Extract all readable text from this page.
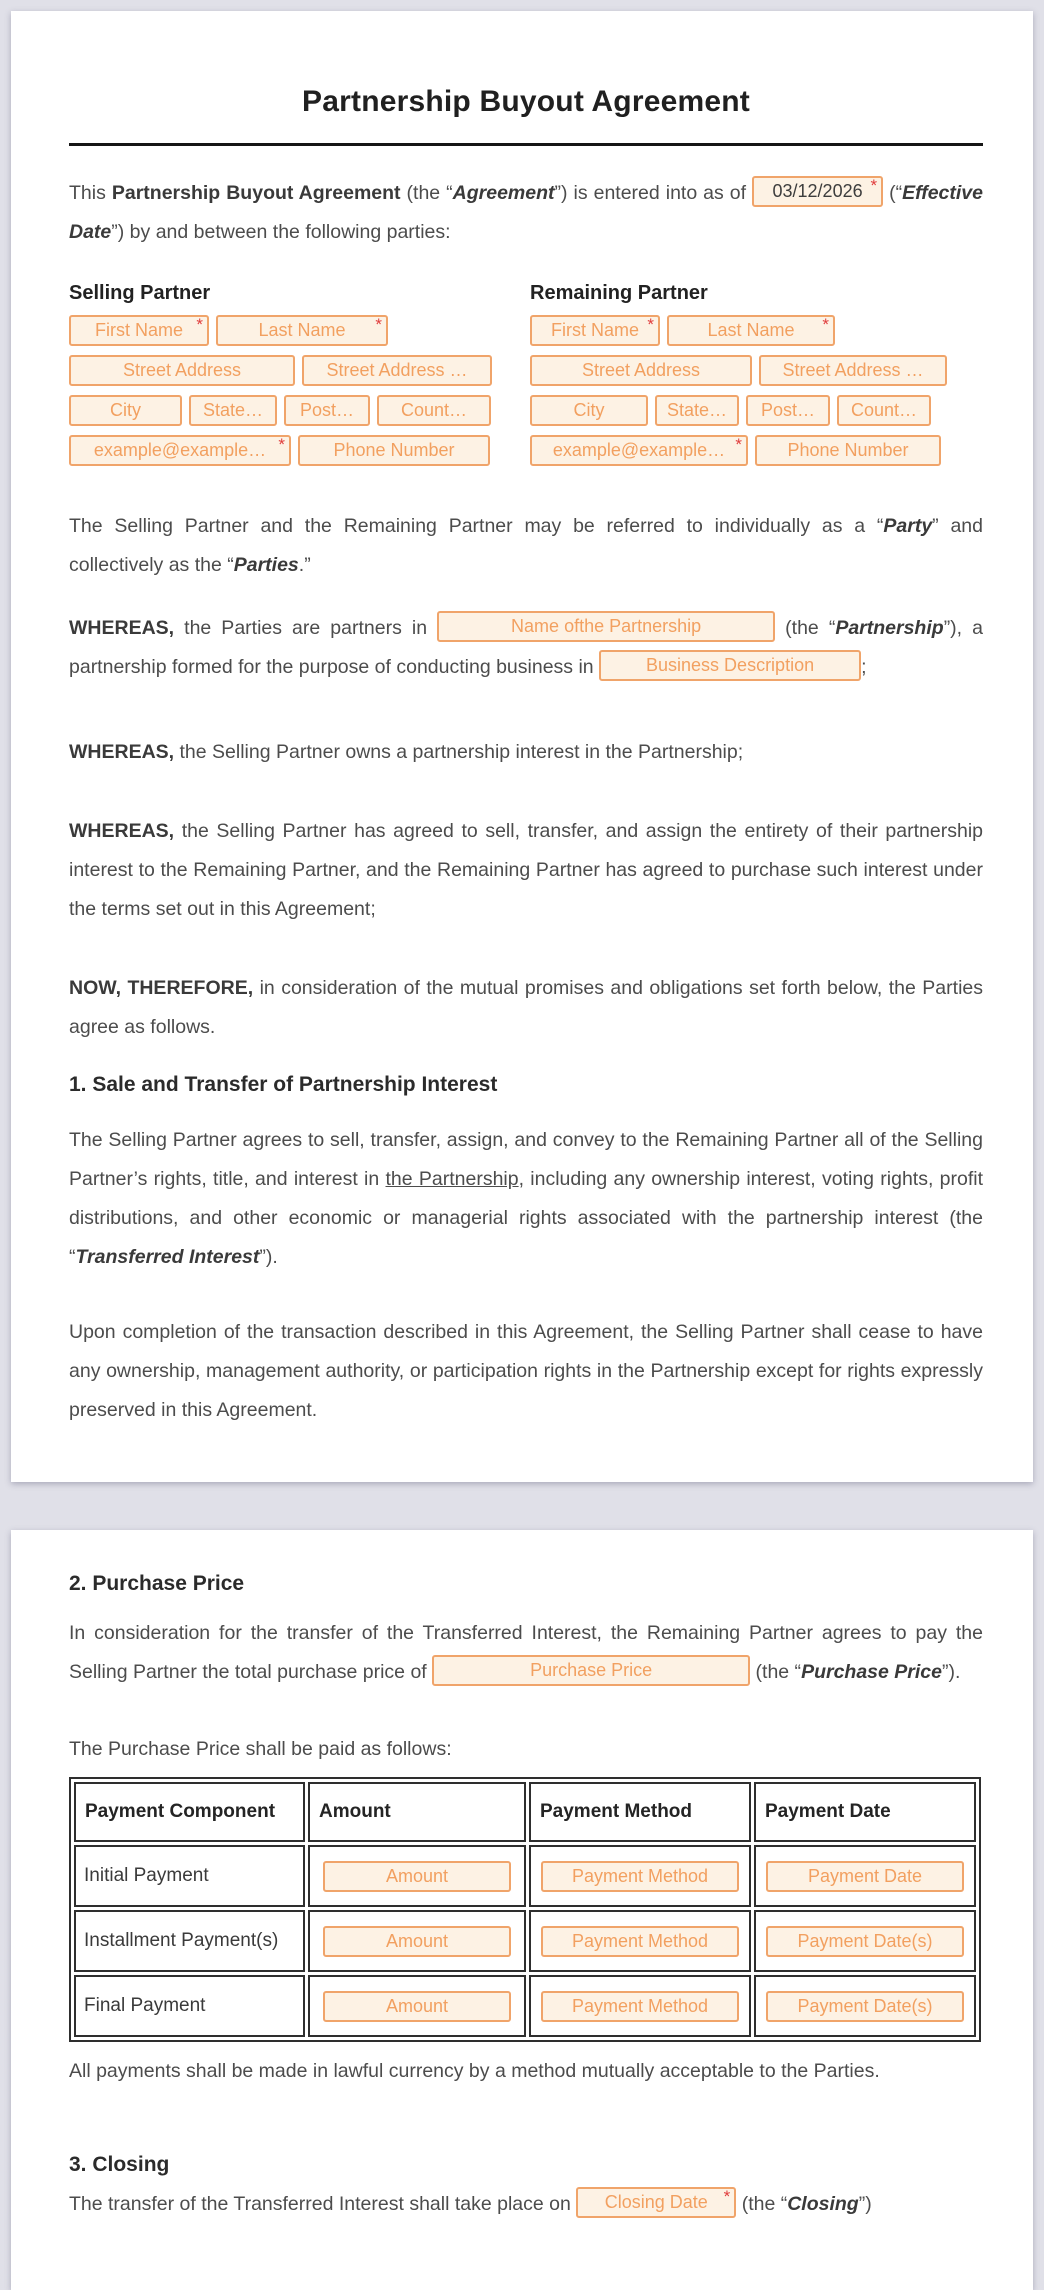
Partnership Buyout Agreement

This Partnership Buyout Agreement (the “Agreement”) is entered into as of	03/12/2026 * (“Effective Date”) by and between the following parties:

Selling Partner
First Name *	Last Name	*
Street Address	Street Address …
City	State…	Post…	Count…
example@example… *	Phone Number
Remaining Partner
First Name *	Last Name	*
Street Address	Street Address …
City	State…	Post…	Count…
example@example… *	Phone Number

The Selling Partner and the Remaining Partner may be referred to individually as a “Party” and collectively as the “Parties.”

WHEREAS, the Parties are partners in	Name ofthe Partnership	(the “Partnership”), a partnership formed for the purpose of conducting business in	Business Description	;

WHEREAS, the Selling Partner owns a partnership interest in the Partnership;

WHEREAS, the Selling Partner has agreed to sell, transfer, and assign the entirety of their partnership interest to the Remaining Partner, and the Remaining Partner has agreed to purchase such interest under the terms set out in this Agreement;

NOW, THEREFORE, in consideration of the mutual promises and obligations set forth below, the Parties agree as follows.

1. Sale and Transfer of Partnership Interest

The Selling Partner agrees to sell, transfer, assign, and convey to the Remaining Partner all of the Selling Partner’s rights, title, and interest in the Partnership, including any ownership interest, voting rights, profit distributions, and other economic or managerial rights associated with the partnership interest (the “Transferred Interest”).

Upon completion of the transaction described in this Agreement, the Selling Partner shall cease to have any ownership, management authority, or participation rights in the Partnership except for rights expressly preserved in this Agreement.

2. Purchase Price

In consideration for the transfer of the Transferred Interest, the Remaining Partner agrees to pay the Selling Partner the total purchase price of	Purchase Price	(the “Purchase Price”).

The Purchase Price shall be paid as follows:

Payment Component	Amount	Payment Method	Payment Date
Initial Payment	Amount	Payment Method	Payment Date

Installment Payment(s)	Amount	Payment Method	Payment Date(s)

Final Payment	Amount	Payment Method	Payment Date(s)

All payments shall be made in lawful currency by a method mutually acceptable to the Parties.

3. Closing

The transfer of the Transferred Interest shall take place on	Closing Date * (the “Closing”)
